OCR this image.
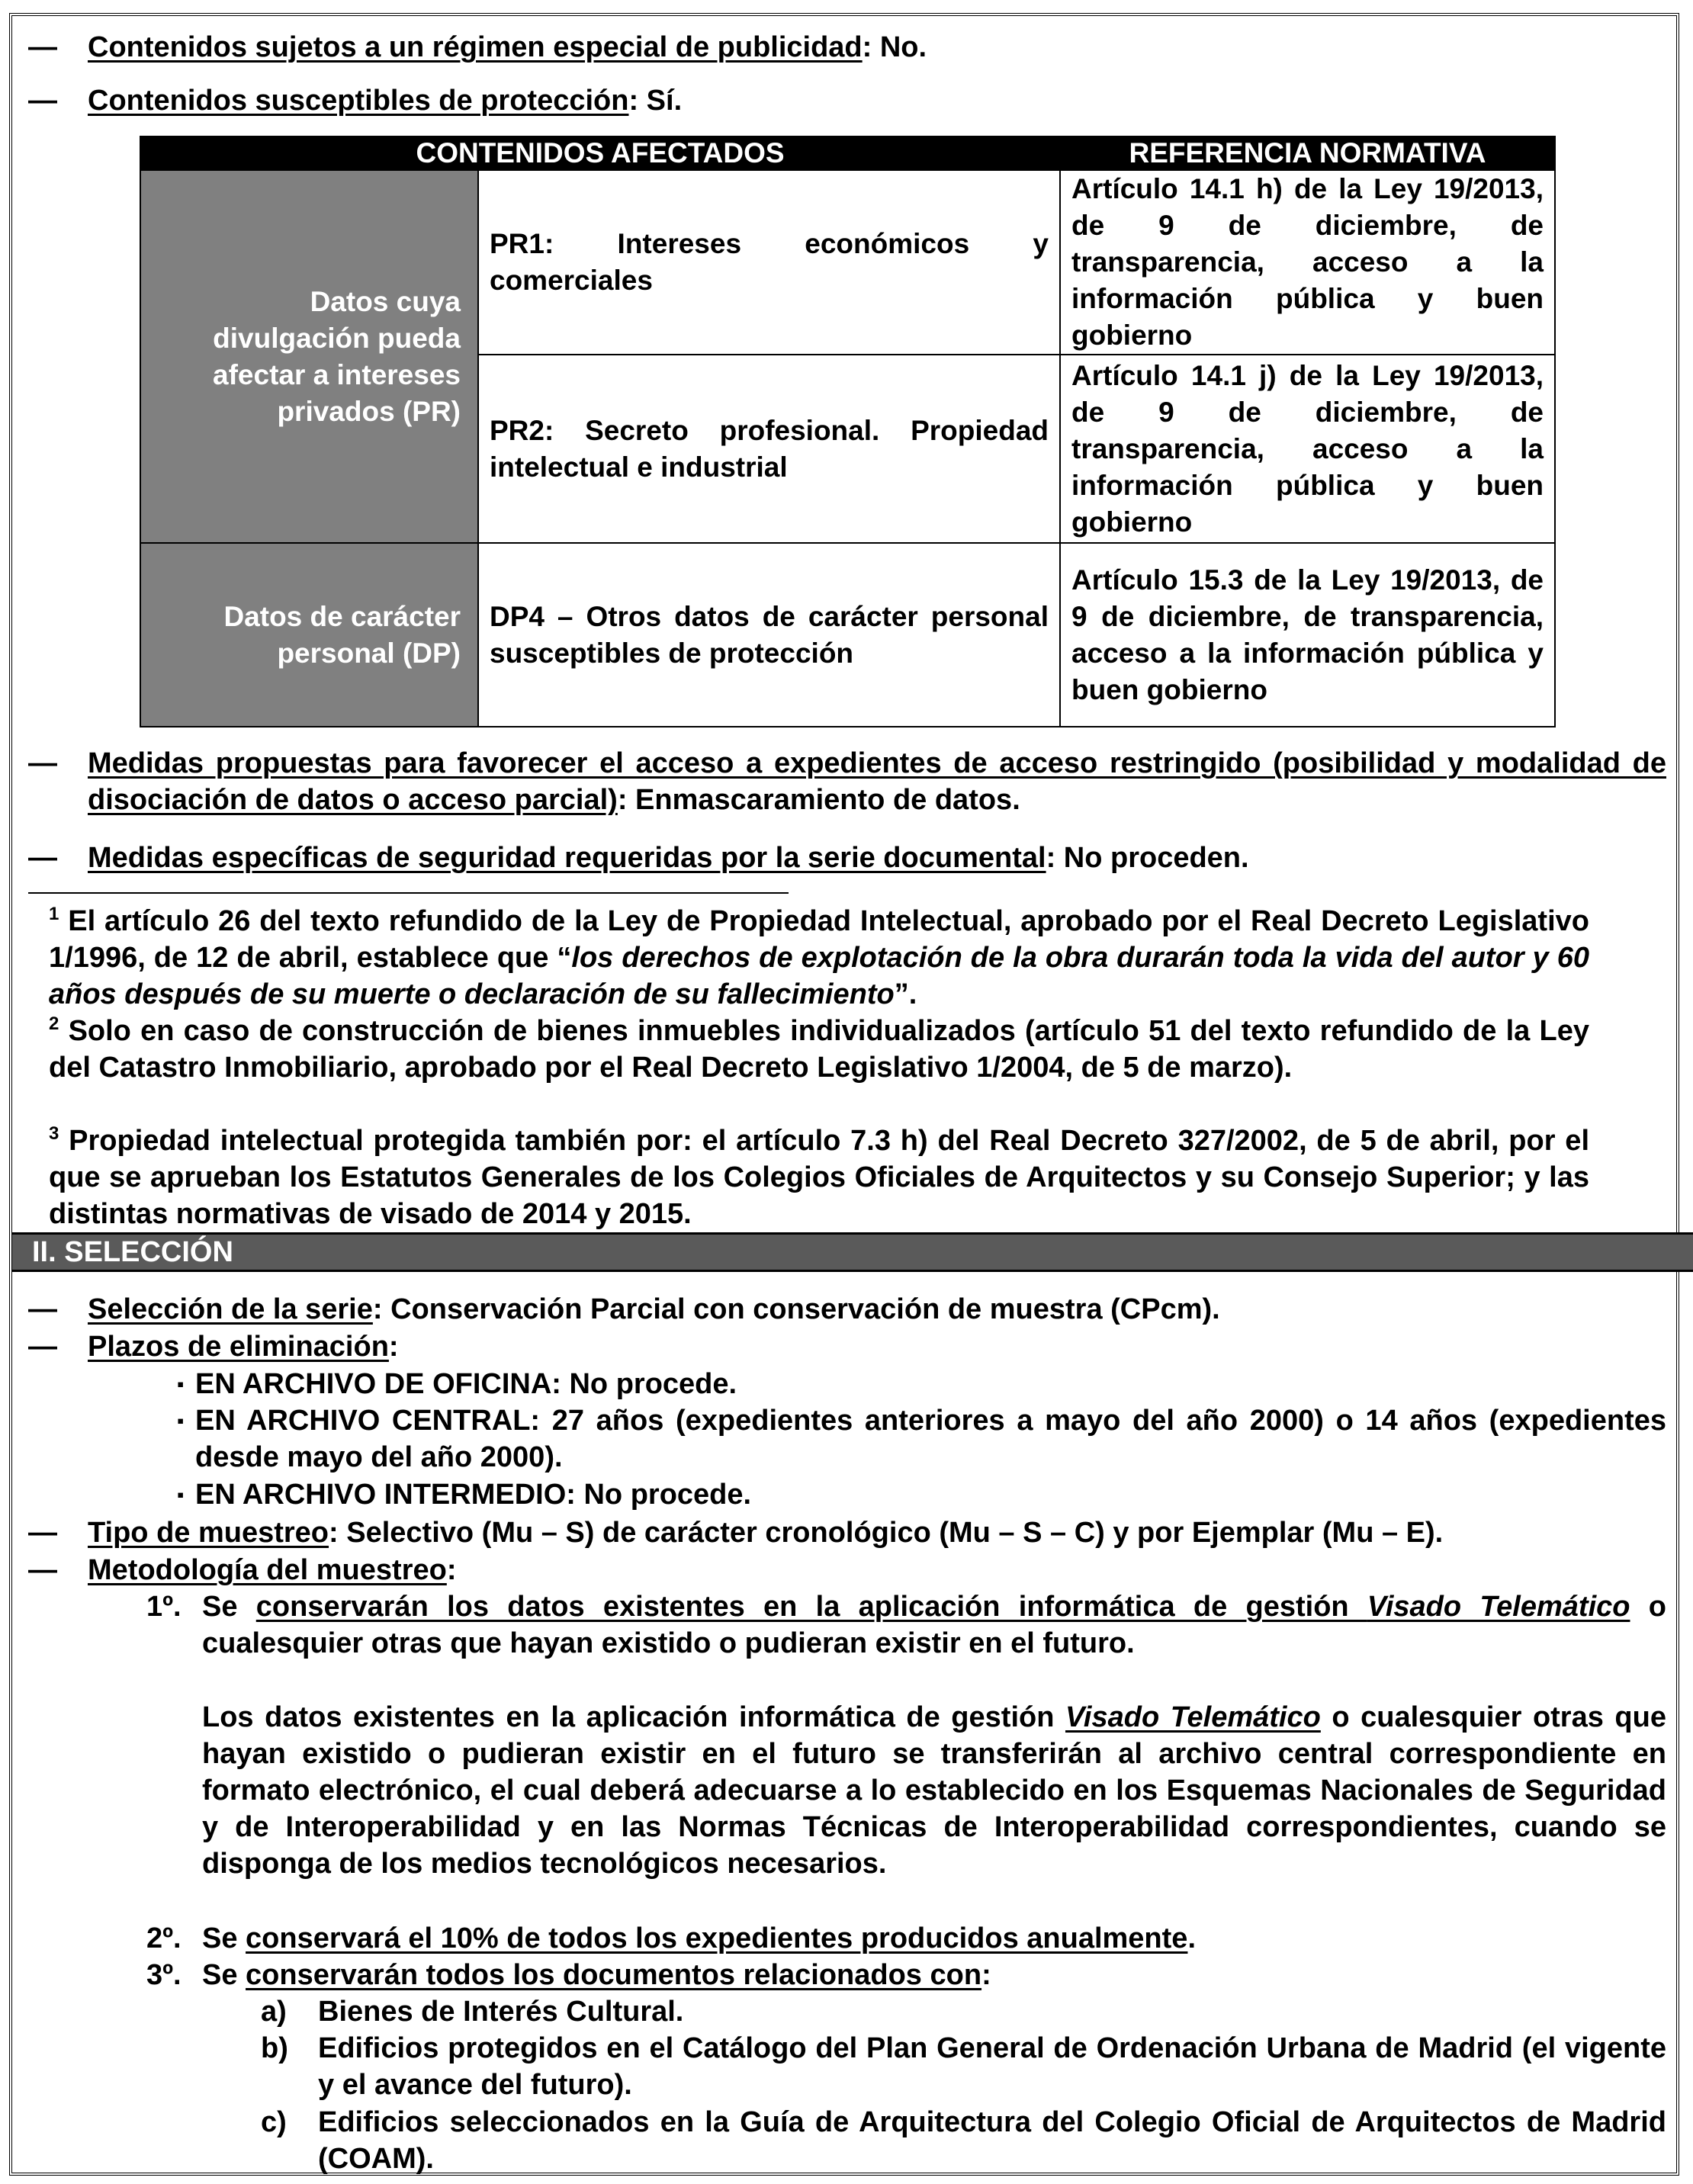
— Contenidos sujetos a un régimen especial de publicidad: No.
— Contenidos susceptibles de protección: Sí.
CONTENIDOS AFECTADOS		REFERENCIA NORMATIVA
Datos cuya divulgación pueda afectar a intereses privados (PR)	PR1: Intereses económicos y comerciales	Artículo 14.1 h) de la Ley 19/2013, de 9 de diciembre, de transparencia, acceso a la información pública y buen gobierno
	PR2: Secreto profesional. Propiedad intelectual e industrial	Artículo 14.1 j) de la Ley 19/2013, de 9 de diciembre, de transparencia, acceso a la información pública y buen gobierno
Datos de carácter personal (DP)	DP4 – Otros datos de carácter personal susceptibles de protección	Artículo 15.3 de la Ley 19/2013, de 9 de diciembre, de transparencia, acceso a la información pública y buen gobierno
— Medidas propuestas para favorecer el acceso a expedientes de acceso restringido (posibilidad y modalidad de disociación de datos o acceso parcial): Enmascaramiento de datos.
— Medidas específicas de seguridad requeridas por la serie documental: No proceden.
$^1$ El artículo 26 del texto refundido de la Ley de Propiedad Intelectual, aprobado por el Real Decreto Legislativo 1/1996, de 12 de abril, establece que “los derechos de explotación de la obra durarán toda la vida del autor y 60 años después de su muerte o declaración de su fallecimiento”.
$^2$ Solo en caso de construcción de bienes inmuebles individualizados (artículo 51 del texto refundido de la Ley del Catastro Inmobiliario, aprobado por el Real Decreto Legislativo 1/2004, de 5 de marzo).
$^3$ Propiedad intelectual protegida también por: el artículo 7.3 h) del Real Decreto 327/2002, de 5 de abril, por el que se aprueban los Estatutos Generales de los Colegios Oficiales de Arquitectos y su Consejo Superior; y las distintas normativas de visado de 2014 y 2015.
II. SELECCIÓN
— Selección de la serie: Conservación Parcial con conservación de muestra (CPcm).
— Plazos de eliminación:
▪ EN ARCHIVO DE OFICINA: No procede.
▪ EN ARCHIVO CENTRAL: 27 años (expedientes anteriores a mayo del año 2000) o 14 años (expedientes desde mayo del año 2000).
▪ EN ARCHIVO INTERMEDIO: No procede.
— Tipo de muestreo: Selectivo (Mu – S) de carácter cronológico (Mu – S – C) y por Ejemplar (Mu – E).
— Metodología del muestreo:
1º. Se conservarán los datos existentes en la aplicación informática de gestión Visado Telemático o cualesquier otras que hayan existido o pudieran existir en el futuro.
Los datos existentes en la aplicación informática de gestión Visado Telemático o cualesquier otras que hayan existido o pudieran existir en el futuro se transferirán al archivo central correspondiente en formato electrónico, el cual deberá adecuarse a lo establecido en los Esquemas Nacionales de Seguridad y de Interoperabilidad y en las Normas Técnicas de Interoperabilidad correspondientes, cuando se disponga de los medios tecnológicos necesarios.
2º. Se conservará el 10% de todos los expedientes producidos anualmente.
3º. Se conservarán todos los documentos relacionados con:
a) Bienes de Interés Cultural.
b) Edificios protegidos en el Catálogo del Plan General de Ordenación Urbana de Madrid (el vigente y el avance del futuro).
c) Edificios seleccionados en la Guía de Arquitectura del Colegio Oficial de Arquitectos de Madrid (COAM).
